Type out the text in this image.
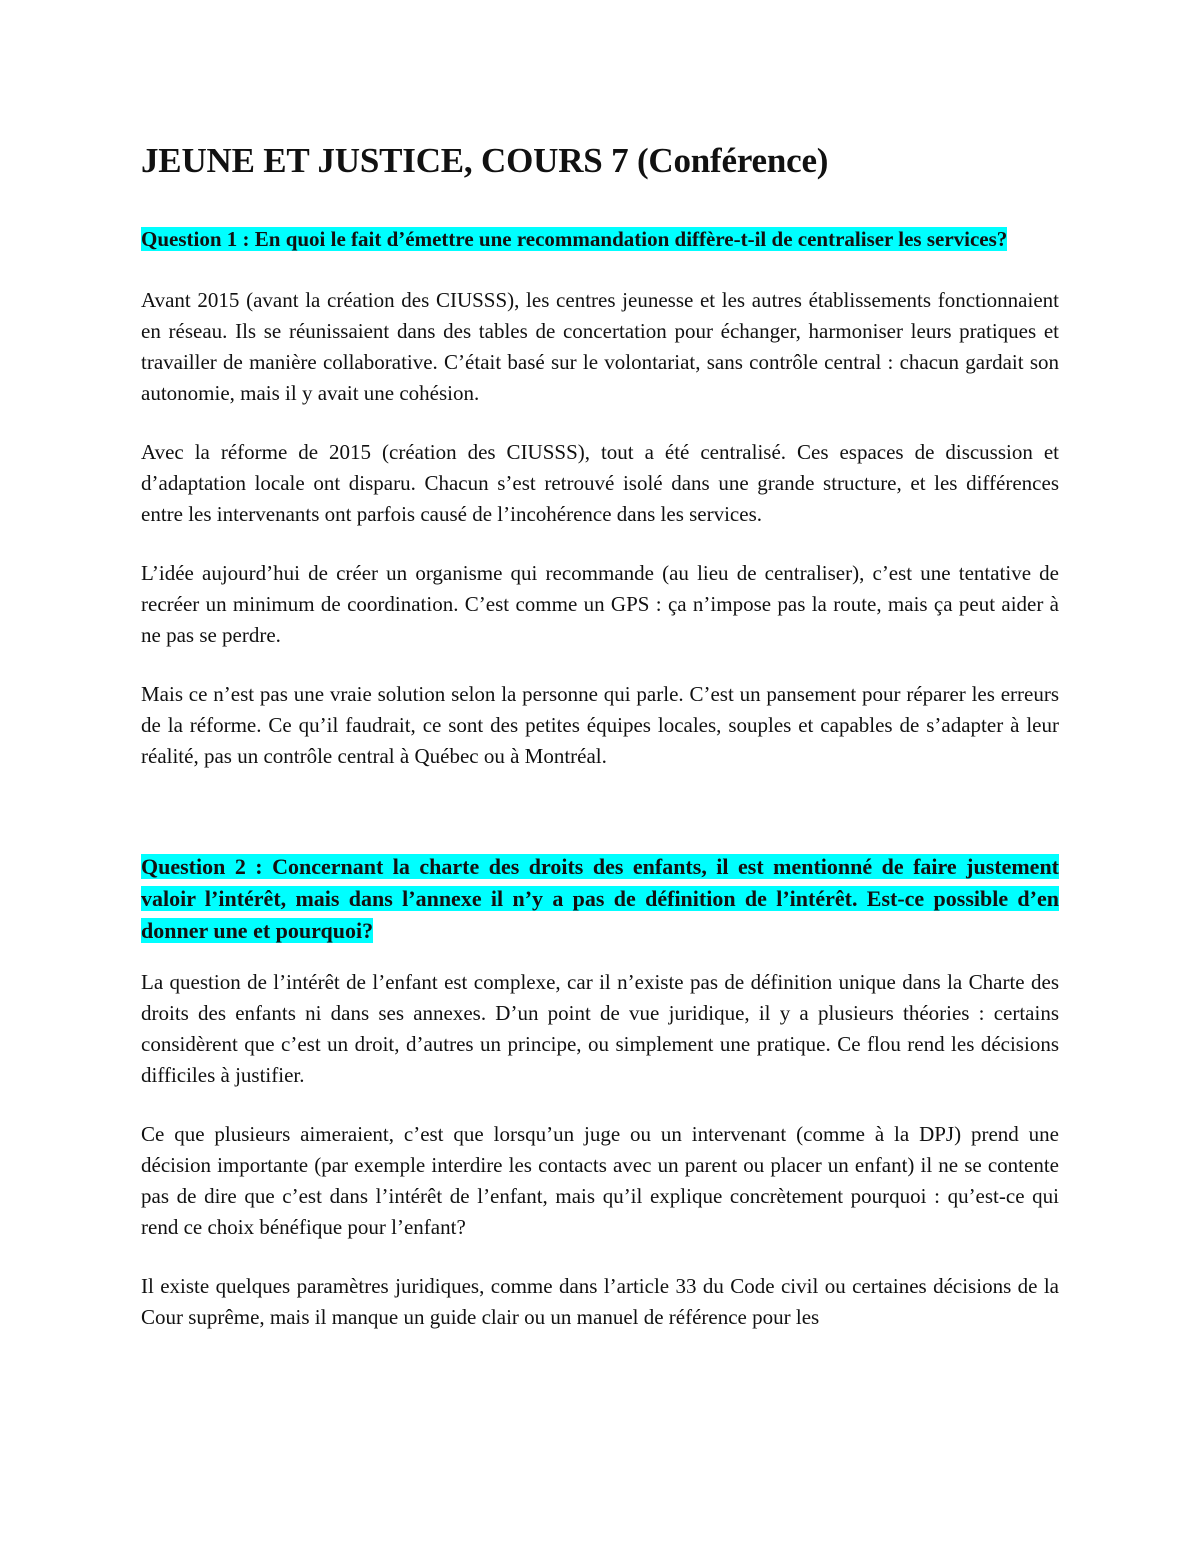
JEUNE ET JUSTICE, COURS 7 (Conférence)

Question 1 : En quoi le fait d’émettre une recommandation diffère-t-il de centraliser les services?

Avant 2015 (avant la création des CIUSSS), les centres jeunesse et les autres établissements fonctionnaient en réseau. Ils se réunissaient dans des tables de concertation pour échanger, harmoniser leurs pratiques et travailler de manière collaborative. C’était basé sur le volontariat, sans contrôle central : chacun gardait son autonomie, mais il y avait une cohésion.

Avec la réforme de 2015 (création des CIUSSS), tout a été centralisé. Ces espaces de discussion et d’adaptation locale ont disparu. Chacun s’est retrouvé isolé dans une grande structure, et les différences entre les intervenants ont parfois causé de l’incohérence dans les services.

L’idée aujourd’hui de créer un organisme qui recommande (au lieu de centraliser), c’est une tentative de recréer un minimum de coordination. C’est comme un GPS : ça n’impose pas la route, mais ça peut aider à ne pas se perdre.

Mais ce n’est pas une vraie solution selon la personne qui parle. C’est un pansement pour réparer les erreurs de la réforme. Ce qu’il faudrait, ce sont des petites équipes locales, souples et capables de s’adapter à leur réalité, pas un contrôle central à Québec ou à Montréal.

Question 2 : Concernant la charte des droits des enfants, il est mentionné de faire justement valoir l’intérêt, mais dans l’annexe il n’y a pas de définition de l’intérêt. Est-ce possible d’en donner une et pourquoi?

La question de l’intérêt de l’enfant est complexe, car il n’existe pas de définition unique dans la Charte des droits des enfants ni dans ses annexes. D’un point de vue juridique, il y a plusieurs théories : certains considèrent que c’est un droit, d’autres un principe, ou simplement une pratique. Ce flou rend les décisions difficiles à justifier.

Ce que plusieurs aimeraient, c’est que lorsqu’un juge ou un intervenant (comme à la DPJ) prend une décision importante (par exemple interdire les contacts avec un parent ou placer un enfant) il ne se contente pas de dire que c’est dans l’intérêt de l’enfant, mais qu’il explique concrètement pourquoi : qu’est-ce qui rend ce choix bénéfique pour l’enfant?

Il existe quelques paramètres juridiques, comme dans l’article 33 du Code civil ou certaines décisions de la Cour suprême, mais il manque un guide clair ou un manuel de référence pour les
